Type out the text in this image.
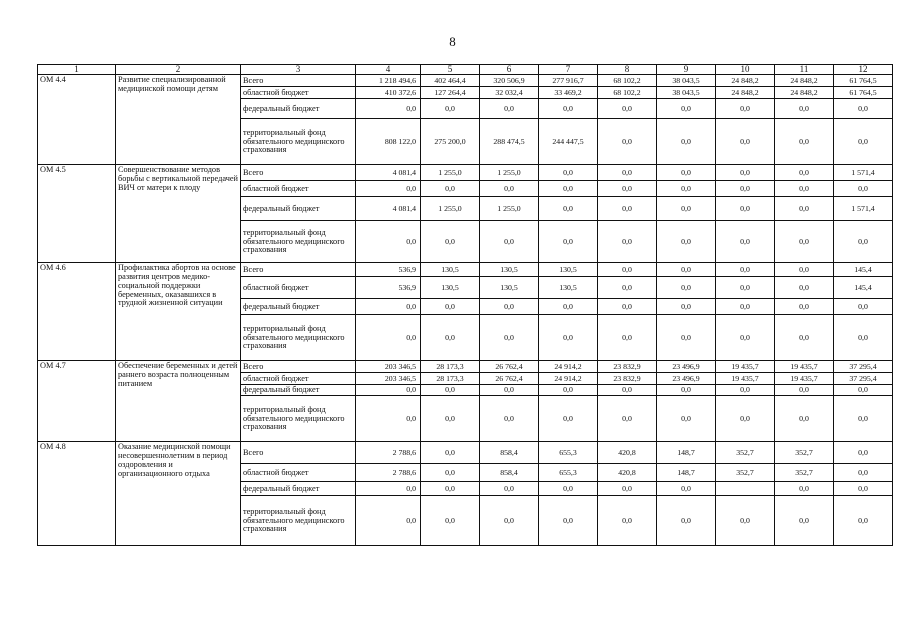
8
1	2	3	4	5	6	7	8	9	10	11	12
ОМ 4.4	Развитие специализированной медицинской помощи детям	Всего	1 218 494,6	402 464,4	320 506,9	277 916,7	68 102,2	38 043,5	24 848,2	24 848,2	61 764,5
		областной бюджет	410 372,6	127 264,4	32 032,4	33 469,2	68 102,2	38 043,5	24 848,2	24 848,2	61 764,5
		федеральный бюджет	0,0	0,0	0,0	0,0	0,0	0,0	0,0	0,0	0,0
		территориальный фонд обязательного медицинского страхования	808 122,0	275 200,0	288 474,5	244 447,5	0,0	0,0	0,0	0,0	0,0
ОМ 4.5	Совершенствование методов борьбы с вертикальной передачей ВИЧ от матери к плоду	Всего	4 081,4	1 255,0	1 255,0	0,0	0,0	0,0	0,0	0,0	1 571,4
		областной бюджет	0,0	0,0	0,0	0,0	0,0	0,0	0,0	0,0	0,0
		федеральный бюджет	4 081,4	1 255,0	1 255,0	0,0	0,0	0,0	0,0	0,0	1 571,4
		территориальный фонд обязательного медицинского страхования	0,0	0,0	0,0	0,0	0,0	0,0	0,0	0,0	0,0
ОМ 4.6	Профилактика абортов на основе развития центров медико-социальной поддержки беременных, оказавшихся в трудной жизненной ситуации	Всего	536,9	130,5	130,5	130,5	0,0	0,0	0,0	0,0	145,4
		областной бюджет	536,9	130,5	130,5	130,5	0,0	0,0	0,0	0,0	145,4
		федеральный бюджет	0,0	0,0	0,0	0,0	0,0	0,0	0,0	0,0	0,0
		территориальный фонд обязательного медицинского страхования	0,0	0,0	0,0	0,0	0,0	0,0	0,0	0,0	0,0
ОМ 4.7	Обеспечение беременных и детей раннего возраста полноценным питанием	Всего	203 346,5	28 173,3	26 762,4	24 914,2	23 832,9	23 496,9	19 435,7	19 435,7	37 295,4
		областной бюджет	203 346,5	28 173,3	26 762,4	24 914,2	23 832,9	23 496,9	19 435,7	19 435,7	37 295,4
		федеральный бюджет	0,0	0,0	0,0	0,0	0,0	0,0	0,0	0,0	0,0
		территориальный фонд обязательного медицинского страхования	0,0	0,0	0,0	0,0	0,0	0,0	0,0	0,0	0,0
ОМ 4.8	Оказание медицинской помощи несовершеннолетним в период оздоровления и организационного отдыха	Всего	2 788,6	0,0	858,4	655,3	420,8	148,7	352,7	352,7	0,0
		областной бюджет	2 788,6	0,0	858,4	655,3	420,8	148,7	352,7	352,7	0,0
		федеральный бюджет	0,0	0,0	0,0	0,0	0,0	0,0		0,0	0,0
		территориальный фонд обязательного медицинского страхования	0,0	0,0	0,0	0,0	0,0	0,0	0,0	0,0	0,0
